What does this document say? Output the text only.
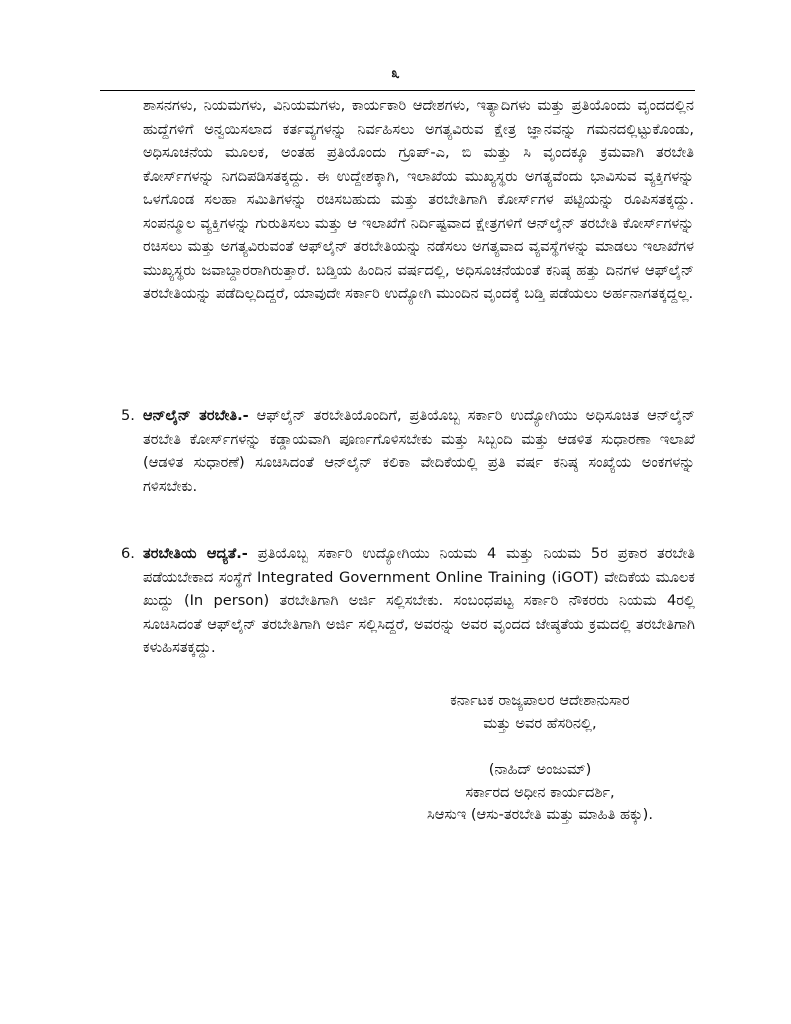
೩

ಶಾಸನಗಳು, ನಿಯಮಗಳು, ವಿನಿಯಮಗಳು, ಕಾರ್ಯಕಾರಿ ಆದೇಶಗಳು, ಇತ್ಯಾದಿಗಳು ಮತ್ತು ಪ್ರತಿಯೊಂದು ವೃಂದದಲ್ಲಿನ ಹುದ್ದೆಗಳಿಗೆ ಅನ್ವಯಿಸಲಾದ ಕರ್ತವ್ಯಗಳನ್ನು ನಿರ್ವಹಿಸಲು ಅಗತ್ಯವಿರುವ ಕ್ಷೇತ್ರ ಜ್ಞಾನವನ್ನು ಗಮನದಲ್ಲಿಟ್ಟುಕೊಂಡು, ಅಧಿಸೂಚನೆಯ ಮೂಲಕ, ಅಂತಹ ಪ್ರತಿಯೊಂದು ಗ್ರೂಪ್-ಎ, ಬಿ ಮತ್ತು ಸಿ ವೃಂದಕ್ಕೂ ಕ್ರಮವಾಗಿ ತರಬೇತಿ ಕೋರ್ಸ್‌ಗಳನ್ನು ನಿಗದಿಪಡಿಸತಕ್ಕದ್ದು. ಈ ಉದ್ದೇಶಕ್ಕಾಗಿ, ಇಲಾಖೆಯ ಮುಖ್ಯಸ್ಥರು ಅಗತ್ಯವೆಂದು ಭಾವಿಸುವ ವ್ಯಕ್ತಿಗಳನ್ನು ಒಳಗೊಂಡ ಸಲಹಾ ಸಮಿತಿಗಳನ್ನು ರಚಿಸಬಹುದು ಮತ್ತು ತರಬೇತಿಗಾಗಿ ಕೋರ್ಸ್‌ಗಳ ಪಟ್ಟಿಯನ್ನು ರೂಪಿಸತಕ್ಕದ್ದು. ಸಂಪನ್ಮೂಲ ವ್ಯಕ್ತಿಗಳನ್ನು ಗುರುತಿಸಲು ಮತ್ತು ಆ ಇಲಾಖೆಗೆ ನಿರ್ದಿಷ್ಟವಾದ ಕ್ಷೇತ್ರಗಳಿಗೆ ಆನ್‌ಲೈನ್ ತರಬೇತಿ ಕೋರ್ಸ್‌ಗಳನ್ನು ರಚಿಸಲು ಮತ್ತು ಅಗತ್ಯವಿರುವಂತೆ ಆಫ್‌ಲೈನ್ ತರಬೇತಿಯನ್ನು ನಡೆಸಲು ಅಗತ್ಯವಾದ ವ್ಯವಸ್ಥೆಗಳನ್ನು ಮಾಡಲು ಇಲಾಖೆಗಳ ಮುಖ್ಯಸ್ಥರು ಜವಾಬ್ದಾರರಾಗಿರುತ್ತಾರೆ. ಬಡ್ತಿಯ ಹಿಂದಿನ ವರ್ಷದಲ್ಲಿ, ಅಧಿಸೂಚನೆಯಂತೆ ಕನಿಷ್ಠ ಹತ್ತು ದಿನಗಳ ಆಫ್‌ಲೈನ್ ತರಬೇತಿಯನ್ನು ಪಡೆದಿಲ್ಲದಿದ್ದರೆ, ಯಾವುದೇ ಸರ್ಕಾರಿ ಉದ್ಯೋಗಿ ಮುಂದಿನ ವೃಂದಕ್ಕೆ ಬಡ್ತಿ ಪಡೆಯಲು ಅರ್ಹನಾಗತಕ್ಕದ್ದಲ್ಲ.

5. ಆನ್‌ಲೈನ್ ತರಬೇತಿ.- ಆಫ್‌ಲೈನ್ ತರಬೇತಿಯೊಂದಿಗೆ, ಪ್ರತಿಯೊಬ್ಬ ಸರ್ಕಾರಿ ಉದ್ಯೋಗಿಯು ಅಧಿಸೂಚಿತ ಆನ್‌ಲೈನ್ ತರಬೇತಿ ಕೋರ್ಸ್‌ಗಳನ್ನು ಕಡ್ಡಾಯವಾಗಿ ಪೂರ್ಣಗೊಳಿಸಬೇಕು ಮತ್ತು ಸಿಬ್ಬಂದಿ ಮತ್ತು ಆಡಳಿತ ಸುಧಾರಣಾ ಇಲಾಖೆ (ಆಡಳಿತ ಸುಧಾರಣೆ) ಸೂಚಿಸಿದಂತೆ ಆನ್‌ಲೈನ್ ಕಲಿಕಾ ವೇದಿಕೆಯಲ್ಲಿ ಪ್ರತಿ ವರ್ಷ ಕನಿಷ್ಠ ಸಂಖ್ಯೆಯ ಅಂಕಗಳನ್ನು ಗಳಿಸಬೇಕು.
6. ತರಬೇತಿಯ ಆದ್ಯತೆ.- ಪ್ರತಿಯೊಬ್ಬ ಸರ್ಕಾರಿ ಉದ್ಯೋಗಿಯು ನಿಯಮ 4 ಮತ್ತು ನಿಯಮ 5ರ ಪ್ರಕಾರ ತರಬೇತಿ ಪಡೆಯಬೇಕಾದ ಸಂಸ್ಥೆಗೆ Integrated Government Online Training (iGOT) ವೇದಿಕೆಯ ಮೂಲಕ ಖುದ್ದು (In person) ತರಬೇತಿಗಾಗಿ ಅರ್ಜಿ ಸಲ್ಲಿಸಬೇಕು. ಸಂಬಂಧಪಟ್ಟ ಸರ್ಕಾರಿ ನೌಕರರು ನಿಯಮ 4ರಲ್ಲಿ ಸೂಚಿಸಿದಂತೆ ಆಫ್‌ಲೈನ್ ತರಬೇತಿಗಾಗಿ ಅರ್ಜಿ ಸಲ್ಲಿಸಿದ್ದರೆ, ಅವರನ್ನು ಅವರ ವೃಂದದ ಜೇಷ್ಠತೆಯ ಕ್ರಮದಲ್ಲಿ ತರಬೇತಿಗಾಗಿ ಕಳುಹಿಸತಕ್ಕದ್ದು.
ಕರ್ನಾಟಕ ರಾಜ್ಯಪಾಲರ ಆದೇಶಾನುಸಾರ
ಮತ್ತು ಅವರ ಹೆಸರಿನಲ್ಲಿ,
(ನಾಹಿದ್ ಅಂಜುಮ್)
ಸರ್ಕಾರದ ಅಧೀನ ಕಾರ್ಯದರ್ಶಿ,
ಸಿಆಸುಇ (ಆಸು-ತರಬೇತಿ ಮತ್ತು ಮಾಹಿತಿ ಹಕ್ಕು).
